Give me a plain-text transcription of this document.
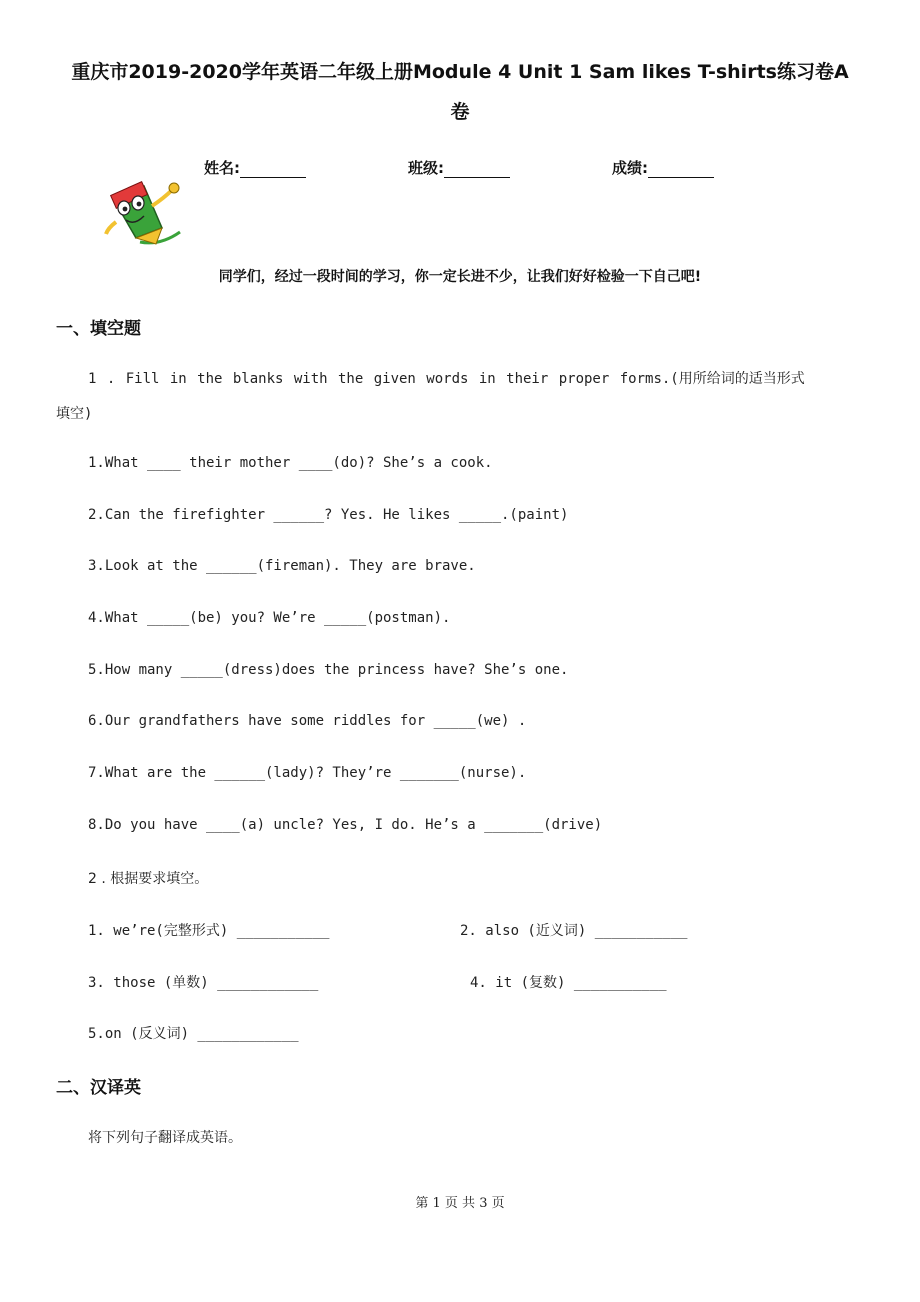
重庆市2019-2020学年英语二年级上册Module 4 Unit 1 Sam likes T-shirts练习卷A
卷
姓名:	班级:	成绩:
同学们，经过一段时间的学习，你一定长进不少，让我们好好检验一下自己吧!
一、填空题
1 . Fill in the blanks with the given words in their proper forms.(用所给词的适当形式
填空)
1.What ____ their mother ____(do)? She’s a cook.
2.Can the firefighter ______? Yes. He likes _____.(paint)
3.Look at the ______(fireman). They are brave.
4.What _____(be) you? We’re _____(postman).
5.How many _____(dress)does the princess have? She’s one.
6.Our grandfathers have some riddles for _____(we) .
7.What are the ______(lady)? They’re _______(nurse).
8.Do you have ____(a) uncle? Yes, I do. He’s a _______(drive)
2 . 根据要求填空。
1. we’re(完整形式) ___________	2. also (近义词) ___________
3. those (单数) ____________	4. it (复数) ___________
5.on (反义词) ____________
二、汉译英
将下列句子翻译成英语。
第 1 页 共 3 页
